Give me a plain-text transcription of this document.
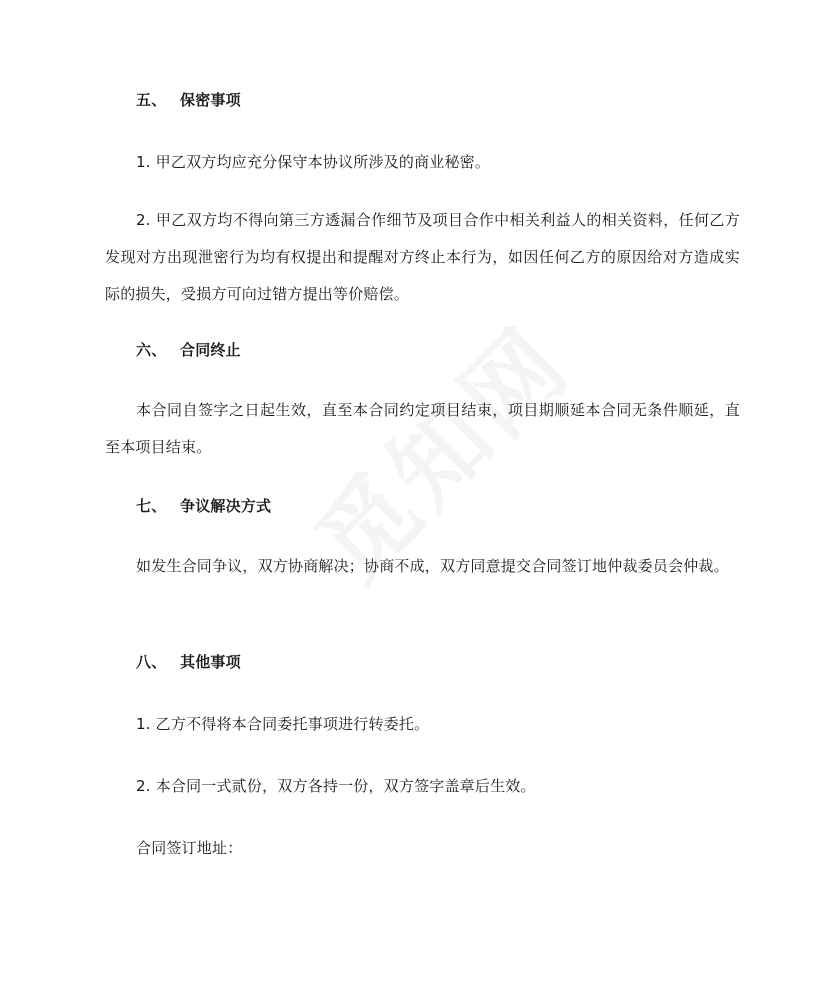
五、 保密事项
1. 甲乙双方均应充分保守本协议所涉及的商业秘密。
2. 甲乙双方均不得向第三方透漏合作细节及项目合作中相关利益人的相关资料，任何乙方发现对方出现泄密行为均有权提出和提醒对方终止本行为，如因任何乙方的原因给对方造成实际的损失，受损方可向过错方提出等价赔偿。
六、 合同终止
本合同自签字之日起生效，直至本合同约定项目结束，项目期顺延本合同无条件顺延，直至本项目结束。
七、 争议解决方式
如发生合同争议，双方协商解决；协商不成，双方同意提交合同签订地仲裁委员会仲裁。
八、 其他事项
1. 乙方不得将本合同委托事项进行转委托。
2. 本合同一式贰份，双方各持一份，双方签字盖章后生效。
合同签订地址：
